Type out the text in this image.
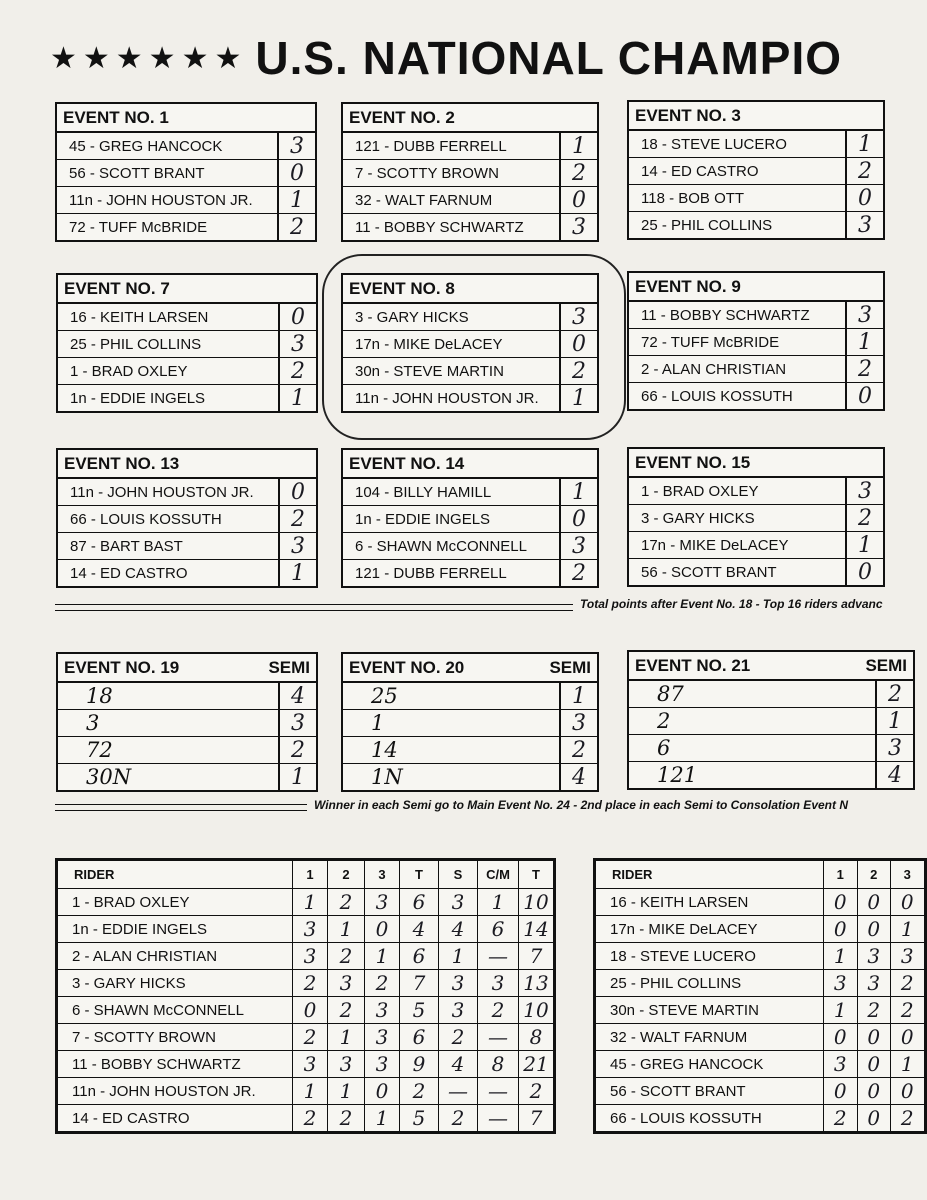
★★★★★★ U.S. NATIONAL CHAMPIO
EVENT NO. 1
45 - GREG HANCOCK	3
56 - SCOTT BRANT	0
11n - JOHN HOUSTON JR.	1
72 - TUFF McBRIDE	2
EVENT NO. 2
121 - DUBB FERRELL	1
7 - SCOTTY BROWN	2
32 - WALT FARNUM	0
11 - BOBBY SCHWARTZ	3
EVENT NO. 3
18 - STEVE LUCERO	1
14 - ED CASTRO	2
118 - BOB OTT	0
25 - PHIL COLLINS	3
EVENT NO. 7
16 - KEITH LARSEN	0
25 - PHIL COLLINS	3
1 - BRAD OXLEY	2
1n - EDDIE INGELS	1
EVENT NO. 8
3 - GARY HICKS	3
17n - MIKE DeLACEY	0
30n - STEVE MARTIN	2
11n - JOHN HOUSTON JR.	1
EVENT NO. 9
11 - BOBBY SCHWARTZ	3
72 - TUFF McBRIDE	1
2 - ALAN CHRISTIAN	2
66 - LOUIS KOSSUTH	0
EVENT NO. 13
11n - JOHN HOUSTON JR.	0
66 - LOUIS KOSSUTH	2
87 - BART BAST	3
14 - ED CASTRO	1
EVENT NO. 14
104 - BILLY HAMILL	1
1n - EDDIE INGELS	0
6 - SHAWN McCONNELL	3
121 - DUBB FERRELL	2
EVENT NO. 15
1 - BRAD OXLEY	3
3 - GARY HICKS	2
17n - MIKE DeLACEY	1
56 - SCOTT BRANT	0
EVENT NO. 19	SEMI
18	4
3	3
72	2
30N	1
EVENT NO. 20	SEMI
25	1
1	3
14	2
1N	4
EVENT NO. 21	SEMI
87	2
2	1
6	3
121	4
Total points after Event No. 18 - Top 16 riders advanc
Winner in each Semi go to Main Event No. 24 - 2nd place in each Semi to Consolation Event N
RIDER	1	2	3	T	S	C/M	T
1 - BRAD OXLEY	1	2	3	6	3	1	10
1n - EDDIE INGELS	3	1	0	4	4	6	14
2 - ALAN CHRISTIAN	3	2	1	6	1	—	7
3 - GARY HICKS	2	3	2	7	3	3	13
6 - SHAWN McCONNELL	0	2	3	5	3	2	10
7 - SCOTTY BROWN	2	1	3	6	2	—	8
11 - BOBBY SCHWARTZ	3	3	3	9	4	8	21
11n - JOHN HOUSTON JR.	1	1	0	2	—	—	2
14 - ED CASTRO	2	2	1	5	2	—	7
RIDER	1	2	3
16 - KEITH LARSEN	0	0	0
17n - MIKE DeLACEY	0	0	1
18 - STEVE LUCERO	1	3	3
25 - PHIL COLLINS	3	3	2
30n - STEVE MARTIN	1	2	2
32 - WALT FARNUM	0	0	0
45 - GREG HANCOCK	3	0	1
56 - SCOTT BRANT	0	0	0
66 - LOUIS KOSSUTH	2	0	2
